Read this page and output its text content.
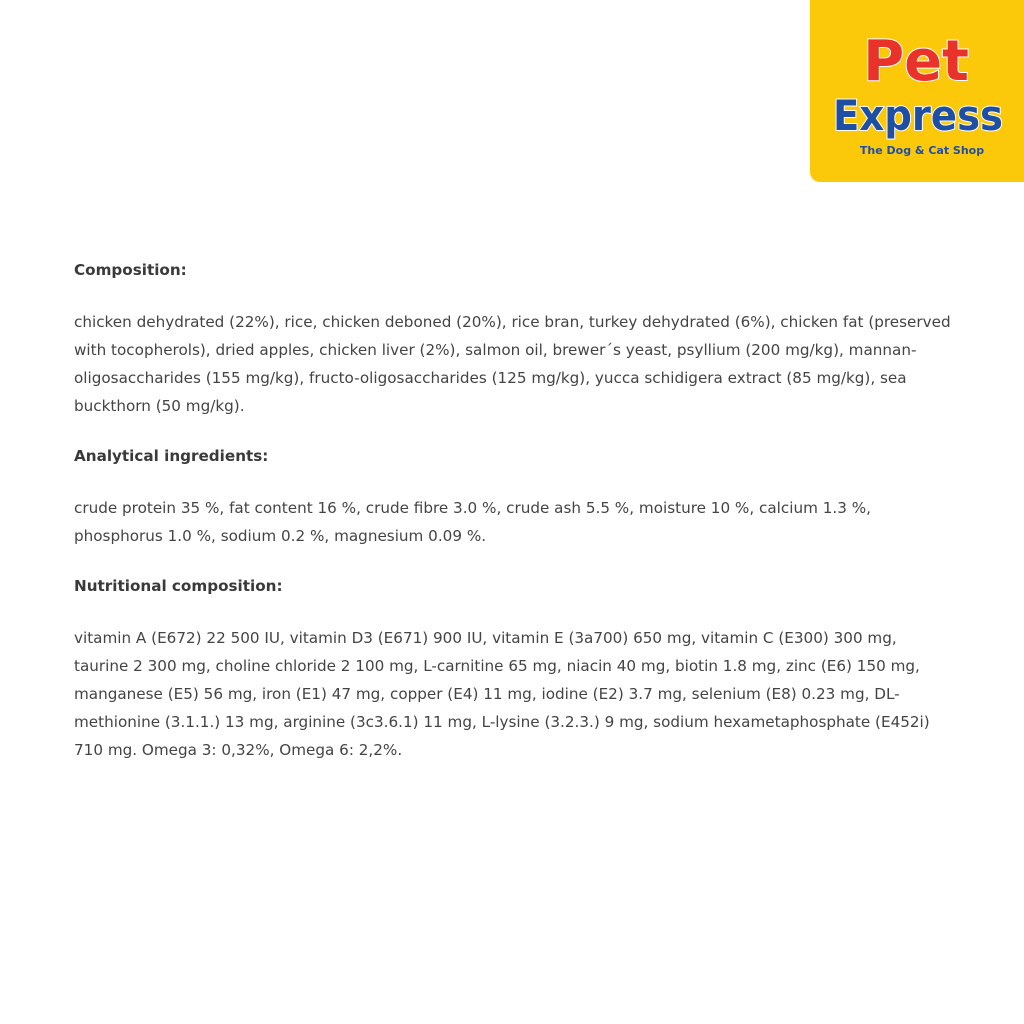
Pet
Express
The Dog & Cat Shop

Composition:

chicken dehydrated (22%), rice, chicken deboned (20%), rice bran, turkey dehydrated (6%), chicken fat (preserved with tocopherols), dried apples, chicken liver (2%), salmon oil, brewer´s yeast, psyllium (200 mg/kg), mannan-oligosaccharides (155 mg/kg), fructo-oligosaccharides (125 mg/kg), yucca schidigera extract (85 mg/kg), sea buckthorn (50 mg/kg).

Analytical ingredients:

crude protein 35 %, fat content 16 %, crude fibre 3.0 %, crude ash 5.5 %, moisture 10 %, calcium 1.3 %, phosphorus 1.0 %, sodium 0.2 %, magnesium 0.09 %.

Nutritional composition:

vitamin A (E672) 22 500 IU, vitamin D3 (E671) 900 IU, vitamin E (3a700) 650 mg, vitamin C (E300) 300 mg, taurine 2 300 mg, choline chloride 2 100 mg, L-carnitine 65 mg, niacin 40 mg, biotin 1.8 mg, zinc (E6) 150 mg, manganese (E5) 56 mg, iron (E1) 47 mg, copper (E4) 11 mg, iodine (E2) 3.7 mg, selenium (E8) 0.23 mg, DL-methionine (3.1.1.) 13 mg, arginine (3c3.6.1) 11 mg, L-lysine (3.2.3.) 9 mg, sodium hexametaphosphate (E452i) 710 mg. Omega 3: 0,32%, Omega 6: 2,2%.
